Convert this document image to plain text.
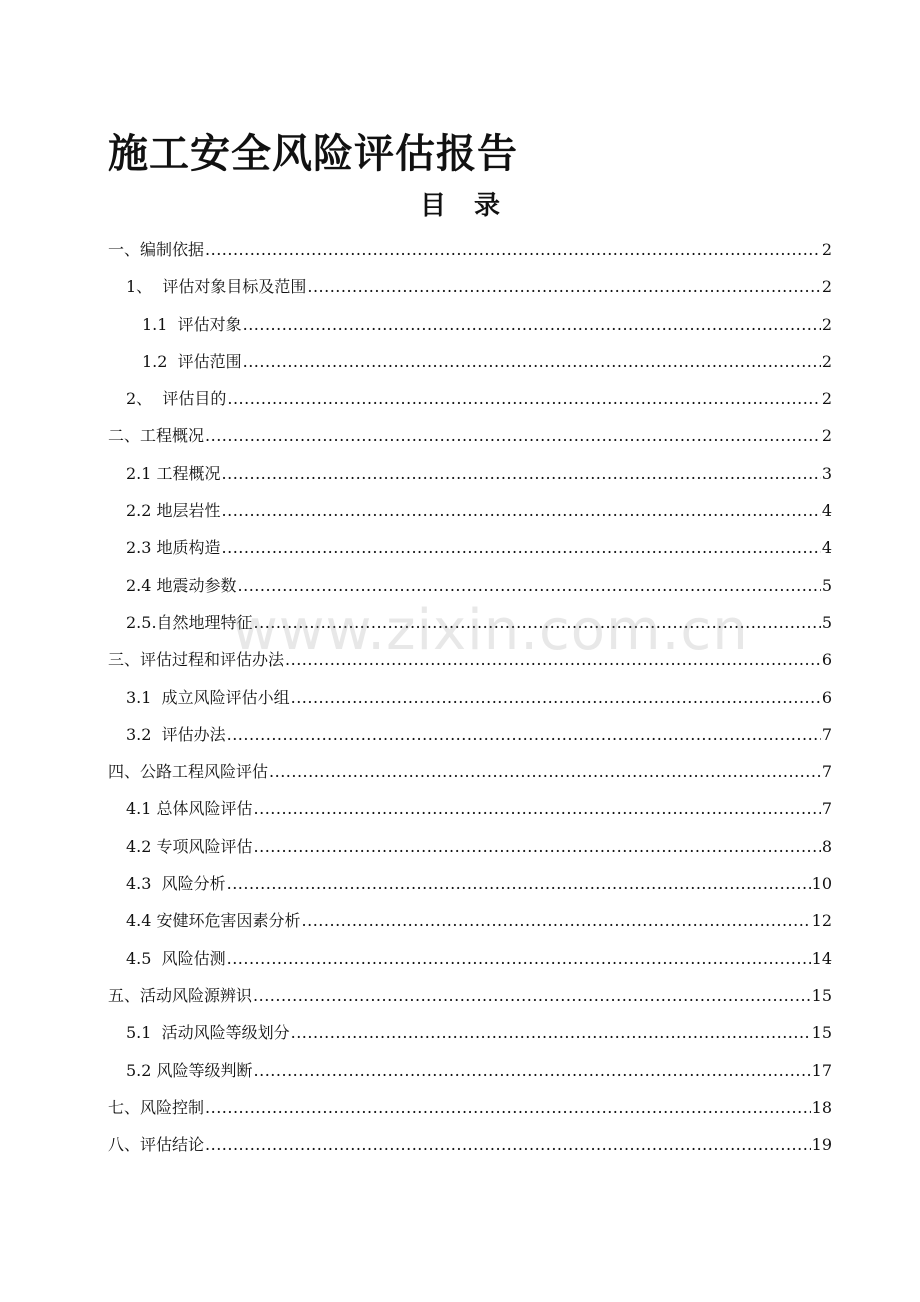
施工安全风险评估报告
目录
一、编制依据 .....	2
1、  评估对象目标及范围 .....	2
1.1  评估对象 .....	2
1.2  评估范围 .....	2
2、  评估目的 .....	2
二、工程概况 .....	2
2.1 工程概况 .....	3
2.2 地层岩性 .....	4
2.3 地质构造 .....	4
2.4 地震动参数 .....	5
2.5.自然地理特征 .....	5
三、评估过程和评估办法 .....	6
3.1  成立风险评估小组 .....	6
3.2  评估办法 .....	7
四、公路工程风险评估 .....	7
4.1 总体风险评估 .....	7
4.2 专项风险评估 .....	8
4.3  风险分析 .....	10
4.4 安健环危害因素分析 .....	12
4.5  风险估测 .....	14
五、活动风险源辨识 .....	15
5.1  活动风险等级划分 .....	15
5.2 风险等级判断 .....	17
七、风险控制 .....	18
八、评估结论 .....	19
www.zixin.com.cn
